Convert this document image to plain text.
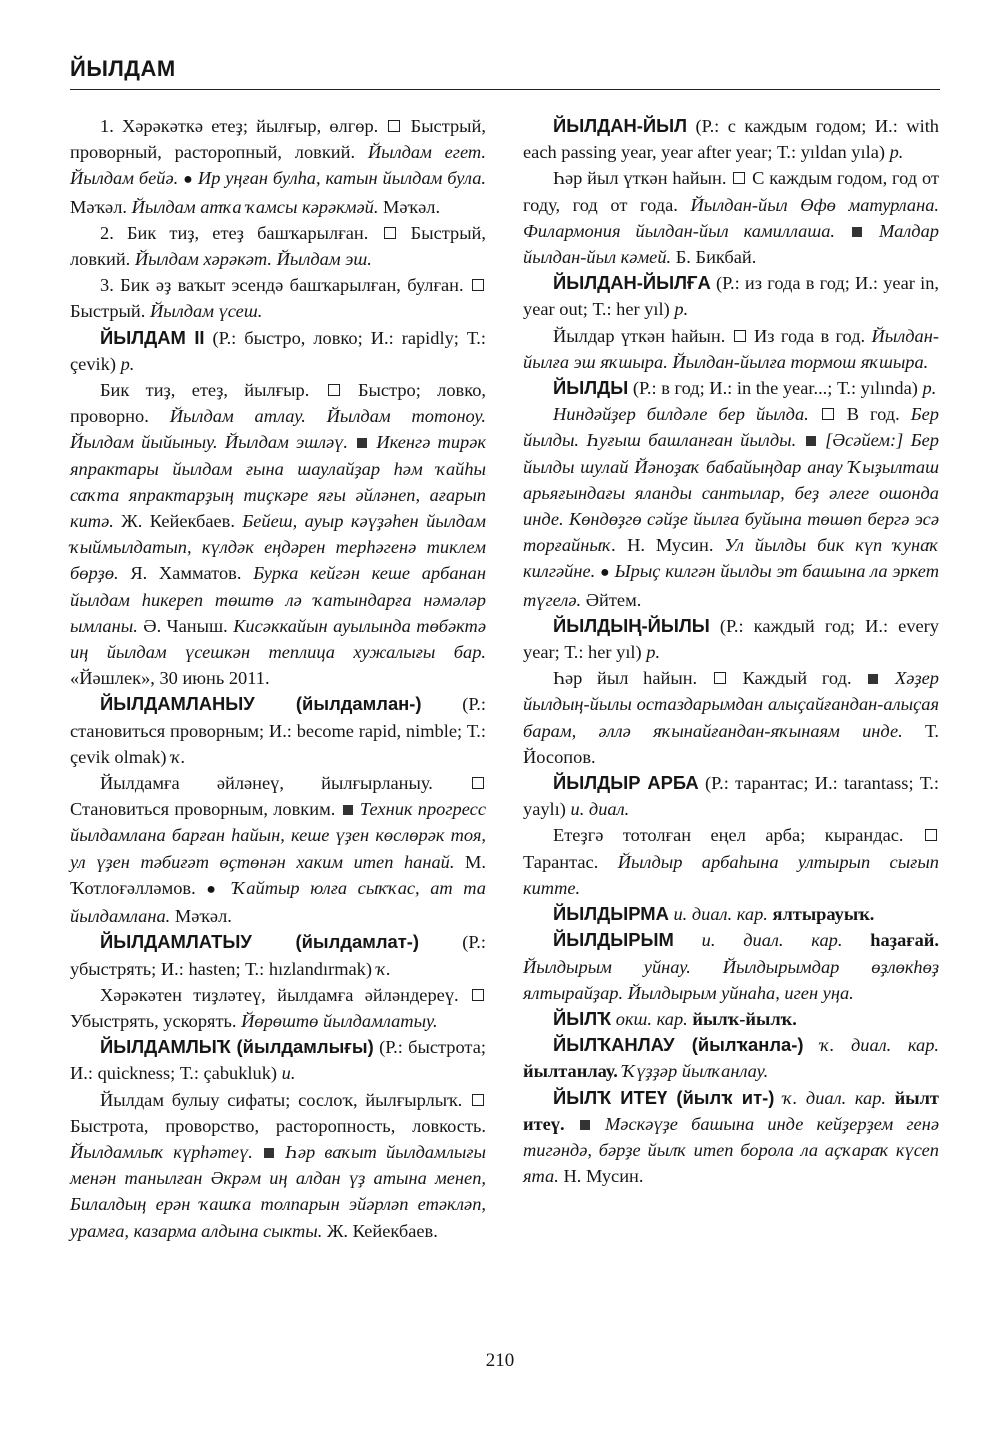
ЙЫЛДАМ

1. Хәрәкәткә етеҙ; йылғыр, өлгөр. Быстрый, проворный, расторопный, ловкий. Йылдам егет. Йылдам бейә. ● Ир уңған булһа, катын йылдам була. Мәҡәл. Йылдам атҡа ҡамсы кәрәкмәй. Мәҡәл.

2. Бик тиҙ, етеҙ башҡарылған. Быстрый, ловкий. Йылдам хәрәкәт. Йылдам эш.

3. Бик әҙ ваҡыт эсендә башҡарылған, булған.  Быстрый. Йылдам үсеш.

ЙЫЛДАМ II (Р.: быстро, ловко; И.: rapidly; Т.: çevik) р.

Бик тиҙ, етеҙ, йылғыр.	Быстро; ловко, проворно. Йылдам атлау. Йылдам тотоноу. Йылдам йыйыныу. Йылдам эшләү. Икенгә тирәк япрактары йылдам ғына шаулайҙар һәм ҡайһы саҡта япрактарҙың тиҫкәре яғы әйләнеп, ағарып китә. Ж. Кейекбаев. Бейеш, ауыр кәүҙәһен йылдам ҡыймылдатып, күлдәк еңдәрен терһәгенә тиклем бөрҙө. Я. Хамматов. Бурка кейгән кеше арбанан йылдам һикереп төштө лә ҡатындарға нәмәләр ымланы. Ә. Чаныш. Кисәккайын ауылында төбәктә иң йылдам үсешкән теплица хужалығы бар. «Йәшлек», 30 июнь 2011.

ЙЫЛДАМЛАНЫУ (йылдамлан-) (Р.: становиться проворным; И.: become rapid, nimble; Т.: çevik olmak) ҡ.

Йылдамға әйләнеү, йылғырланыу.  Становиться проворным, ловким. Техник прогресс йылдамлана барған һайын, кеше үҙен көслөрәк тоя, ул үҙен тәбиғәт өҫтөнән хаким итеп һанай. М. Ҡотлоғәлләмов. ● Ҡайтыр юлға сыҡҡас, ат та йылдамлана. Мәҡәл.

ЙЫЛДАМЛАТЫУ (йылдамлат-) (Р.: убыстрять; И.: hasten; Т.: hızlandırmak) ҡ.

Хәрәкәтен тиҙләтеү, йылдамға әйләндереү.  Убыстрять, ускорять. Йөрөштө йылдамлатыу.

ЙЫЛДАМЛЫҠ (йылдамлығы) (Р.: быстрота; И.: quickness; Т.: çabukluk) и.

Йылдам булыу сифаты; сослоҡ, йылғырлыҡ.  Быстрота, проворство, расторопность, ловкость. Йылдамлыҡ күрһәтеү. Һәр ваҡыт йылдамлығы менән танылған Әкрәм иң алдан үҙ атына менеп, Билалдың ерән ҡашҡа толпарын эйәрләп етәкләп, урамға, казарма алдына сыкты. Ж. Кейекбаев.

ЙЫЛДАН-ЙЫЛ (Р.: с каждым годом; И.: with each passing year, year after year; Т.: yıldan yıla) р.

Һәр йыл үткән һайын. С каждым годом, год от году, год от года. Йылдан-йыл Өфө матурлана. Филармония йылдан-йыл камиллаша. Малдар йылдан-йыл кәмей. Б. Бикбай.

ЙЫЛДАН-ЙЫЛҒА (Р.: из года в год; И.: year in, year out; Т.: her yıl) р.

Йылдар үткән һайын. Из года в год. Йылдан-йылға эш яҡшыра. Йылдан-йылға тормош яҡшыра.

ЙЫЛДЫ (Р.: в год; И.: in the year...; Т.: yılında) р.

Ниндәйҙер билдәле бер йылда. В год. Бер йылды. Һуғыш башланған йылды. [Әсәйем:] Бер йылды шулай Йәноҙаҡ бабайыңдар анау Ҡыҙылташ арьяғындағы яланды сантылар, беҙ әлеге ошонда инде. Көндөҙгө сәйҙе йылға буйына төшөп бергә эсә торғайныҡ. Н. Мусин. Ул йылды бик күп ҡунаҡ килгәйне. ● Ырыҫ килгән йылды эт башына ла эркет түгелә. Әйтем.

ЙЫЛДЫҢ-ЙЫЛЫ (Р.: каждый год; И.: every year; Т.: her yıl) р.

Һәр йыл һайын. Каждый год. Хәҙер йылдың-йылы остаздарымдан алыҫайғандан-алыҫая барам, әллә яҡынайғандан-яҡынаям инде. Т. Йосопов.

ЙЫЛДЫР АРБА (Р.: тарантас; И.: tarantass; Т.: yaylı) и. диал.

Етеҙгә тотолған еңел арба; кырандас.  Тарантас. Йылдыр арбаһына ултырып сығып китте.

ЙЫЛДЫРМА и. диал. кар. ялтырауыҡ.

ЙЫЛДЫРЫМ и. диал. кар. һаҙағай. Йылдырым уйнау. Йылдырымдар өҙлөкһөҙ ялтырайҙар. Йылдырым уйнаһа, иген уңа.

ЙЫЛҠ окш. кар. йылҡ-йылҡ.

ЙЫЛҠАНЛАУ (йылҡанла-) ҡ. диал. кар. йылтанлау. Ҡүҙҙәр йылҡанлау.

ЙЫЛҠ ИТЕҮ (йылҡ ит-) ҡ. диал. кар. йылт итеү. Мәскәүҙе башына инде кейҙерҙем генә тигәндә, бәрҙе йылҡ итеп борола ла аҫҡараҡ күсеп ята. Н. Мусин.

210
